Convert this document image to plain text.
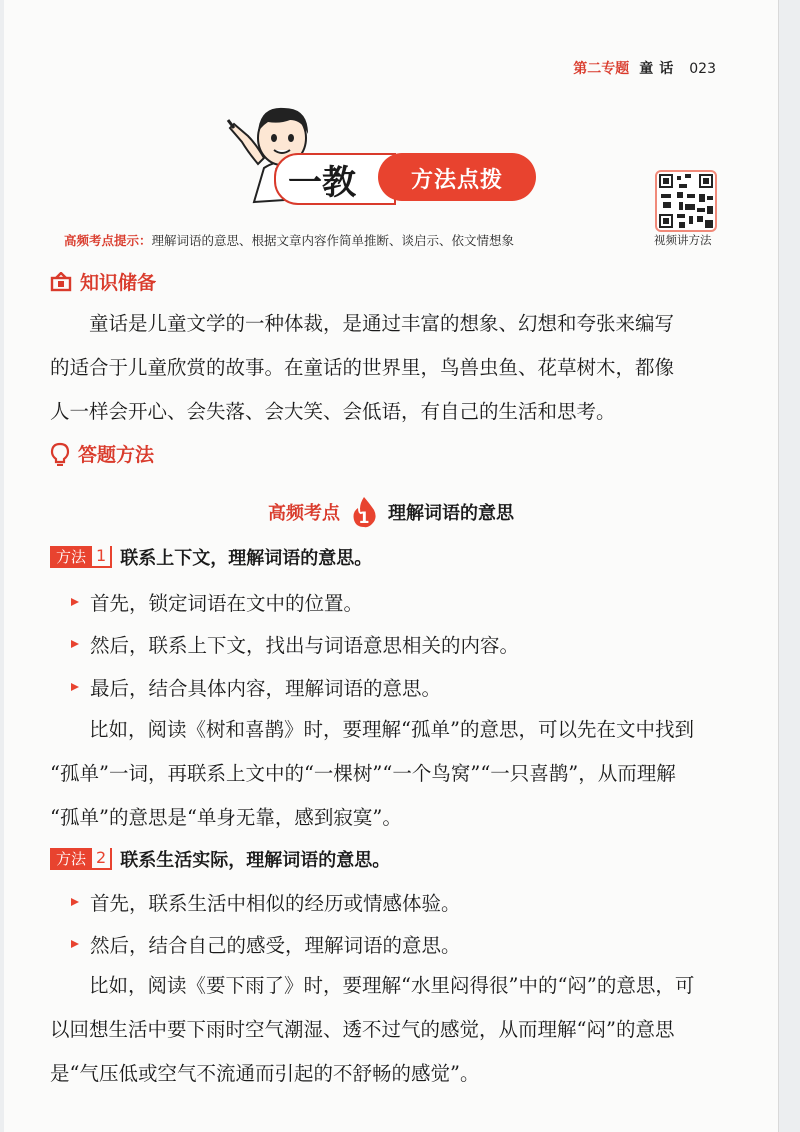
第二专题 童话 023
一教	方法点拨
高频考点提示：理解词语的意思、根据文章内容作简单推断、谈启示、依文情想象	视频讲方法
知识储备

童话是儿童文学的一种体裁，是通过丰富的想象、幻想和夸张来编写

的适合于儿童欣赏的故事。在童话的世界里，鸟兽虫鱼、花草树木，都像

人一样会开心、会失落、会大笑、会低语，有自己的生活和思考。

答题方法
高频考点 1 理解词语的意思
方法 1 联系上下文，理解词语的意思。
首先，锁定词语在文中的位置。
然后，联系上下文，找出与词语意思相关的内容。
最后，结合具体内容，理解词语的意思。

比如，阅读《树和喜鹊》时，要理解“孤单”的意思，可以先在文中找到

“孤单”一词，再联系上文中的“一棵树”“一个鸟窝”“一只喜鹊”，从而理解

“孤单”的意思是“单身无靠，感到寂寞”。

方法 2 联系生活实际，理解词语的意思。
首先，联系生活中相似的经历或情感体验。
然后，结合自己的感受，理解词语的意思。

比如，阅读《要下雨了》时，要理解“水里闷得很”中的“闷”的意思，可

以回想生活中要下雨时空气潮湿、透不过气的感觉，从而理解“闷”的意思

是“气压低或空气不流通而引起的不舒畅的感觉”。
